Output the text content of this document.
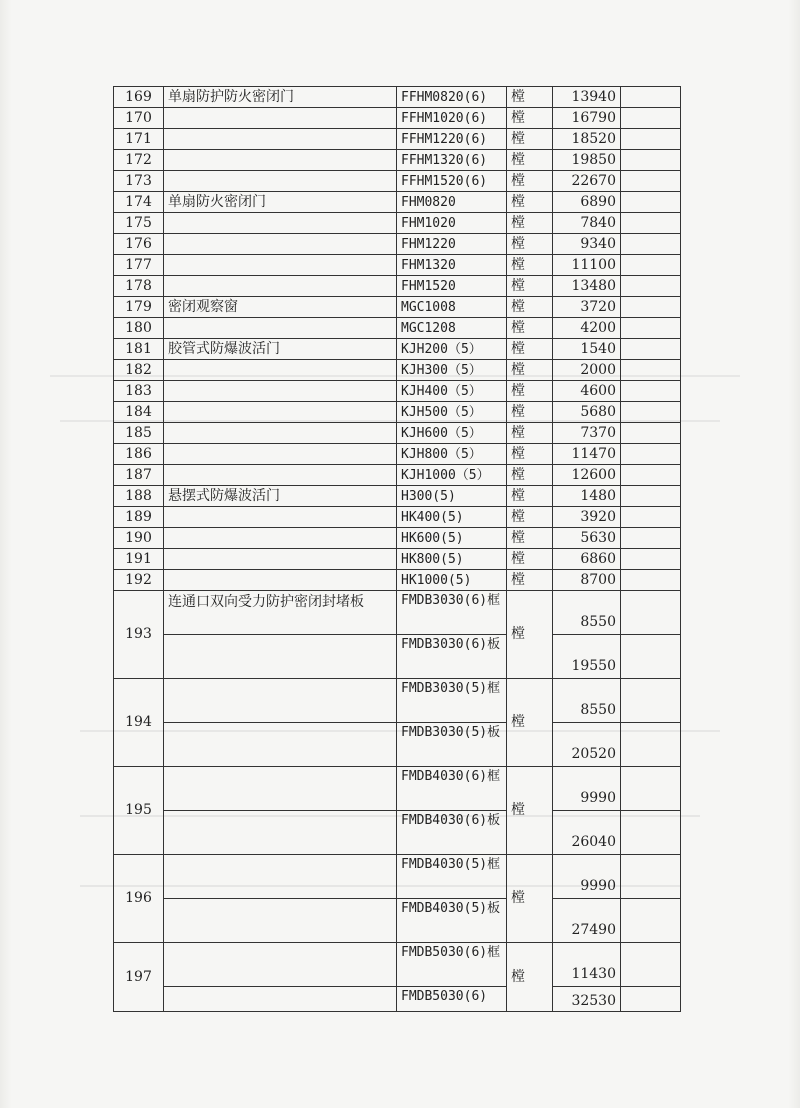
169	单扇防护防火密闭门	FFHM0820(6)	樘	13940	
170		FFHM1020(6)	樘	16790	
171		FFHM1220(6)	樘	18520	
172		FFHM1320(6)	樘	19850	
173		FFHM1520(6)	樘	22670	
174	单扇防火密闭门	FHM0820	樘	6890	
175		FHM1020	樘	7840	
176		FHM1220	樘	9340	
177		FHM1320	樘	11100	
178		FHM1520	樘	13480	
179	密闭观察窗	MGC1008	樘	3720	
180		MGC1208	樘	4200	
181	胶管式防爆波活门	KJH200（5）	樘	1540	
182		KJH300（5）	樘	2000	
183		KJH400（5）	樘	4600	
184		KJH500（5）	樘	5680	
185		KJH600（5）	樘	7370	
186		KJH800（5）	樘	11470	
187		KJH1000（5）	樘	12600	
188	悬摆式防爆波活门	H300(5)	樘	1480	
189		HK400(5)	樘	3920	
190		HK600(5)	樘	5630	
191		HK800(5)	樘	6860	
192		HK1000(5)	樘	8700	
193	连通口双向受力防护密闭封堵板	FMDB3030(6)框	樘	8550	
		FMDB3030(6)板		19550	
194		FMDB3030(5)框	樘	8550	
		FMDB3030(5)板		20520	
195		FMDB4030(6)框	樘	9990	
		FMDB4030(6)板		26040	
196		FMDB4030(5)框	樘	9990	
		FMDB4030(5)板		27490	
197		FMDB5030(6)框	樘	11430	
		FMDB5030(6)		32530	
